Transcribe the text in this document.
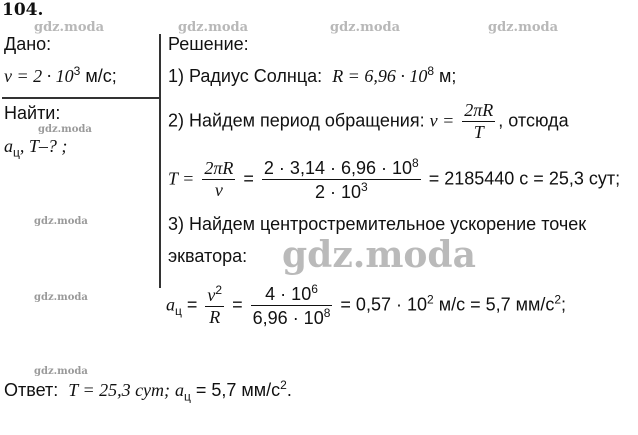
104.
gdz.moda	gdz.moda	gdz.moda	gdz.moda
gdz.moda
gdz.moda
gdz.moda
gdz.moda
gdz.moda
Дано:
$v = 2 \cdot 10^3$ м/с;
Найти:
$a_ц$, T–? ;
Решение:
1) Радиус Солнца: $R = 6,96 \cdot 10^8$ м;
2) Найдем период обращения: $v = \frac{2\pi R}{T}$ , отсюда
$T = \frac{2\pi R}{v} = \frac{2 \cdot 3,14 \cdot 6,96 \cdot 10^8}{2 \cdot 10^3} = 2185440$ с = 25,3 сут;
3) Найдем центростремительное ускорение точек
экватора:
$a_ц = \frac{v^2}{R} = \frac{4 \cdot 10^6}{6,96 \cdot 10^8} = 0,57 \cdot 10^2$ м/с = 5,7 $мм/с^2$;
Ответ: T = 25,3 сут; $a_ц = 5,7$ $мм/с^2$.
